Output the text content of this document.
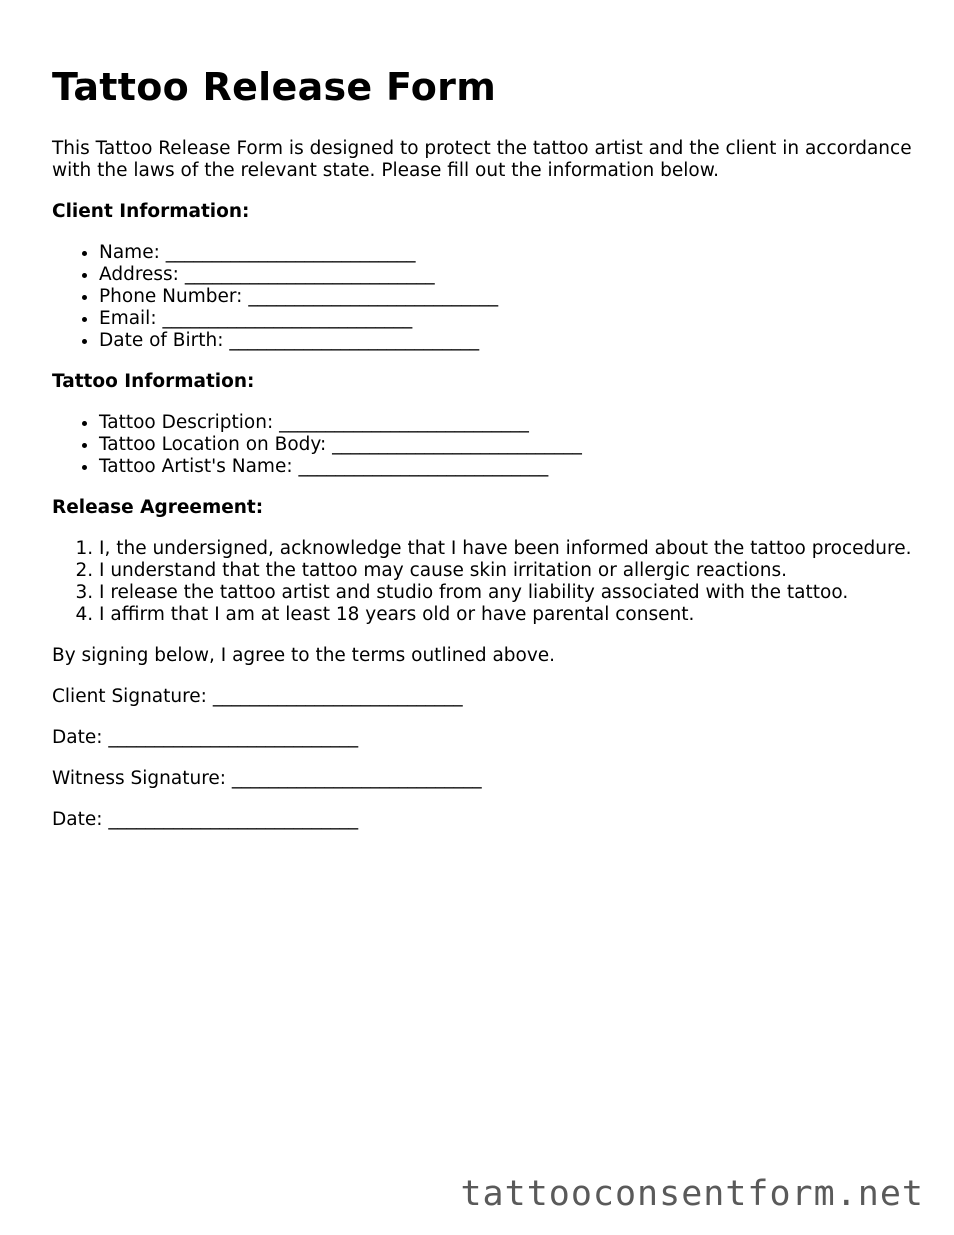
Tattoo Release Form

This Tattoo Release Form is designed to protect the tattoo artist and the client in accordance with the laws of the relevant state. Please fill out the information below.

Client Information:
• Name: ___________________________
• Address: ___________________________
• Phone Number: ___________________________
• Email: ___________________________
• Date of Birth: ___________________________
Tattoo Information:
• Tattoo Description: ___________________________
• Tattoo Location on Body: ___________________________
• Tattoo Artist's Name: ___________________________
Release Agreement:
1. I, the undersigned, acknowledge that I have been informed about the tattoo procedure.
2. I understand that the tattoo may cause skin irritation or allergic reactions.
3. I release the tattoo artist and studio from any liability associated with the tattoo.
4. I affirm that I am at least 18 years old or have parental consent.

By signing below, I agree to the terms outlined above.

Client Signature: ___________________________

Date: ___________________________

Witness Signature: ___________________________

Date: ___________________________

tattooconsentform.net
